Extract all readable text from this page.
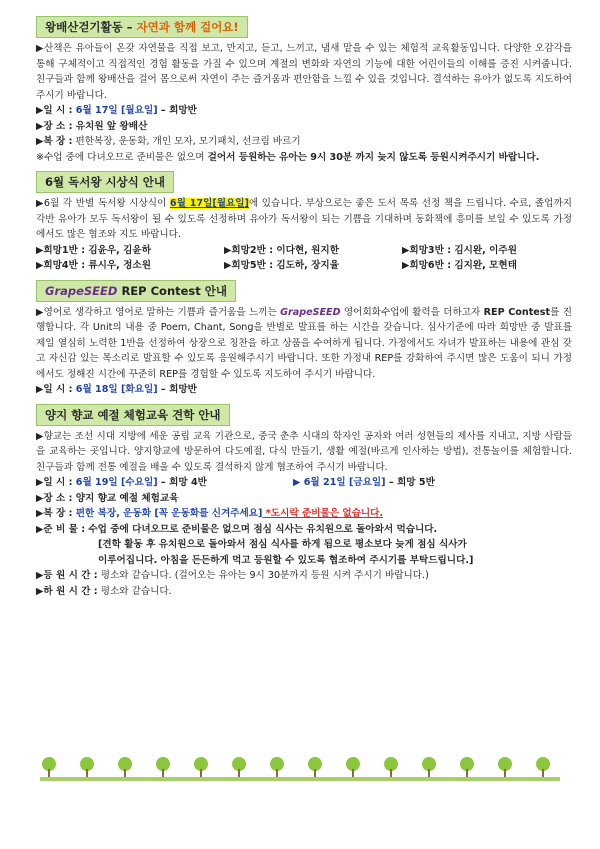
왕배산걷기활동 – 자연과 함께 걸어요!

▶산책은 유아들이 온갖 자연물을 직접 보고, 만지고, 듣고, 느끼고, 냄새 맡을 수 있는 체험적 교육활동입니다. 다양한 오감각을 통해 구체적이고 직접적인 경험 활동을 가질 수 있으며 계절의 변화와 자연의 기능에 대한 어린이들의 이해를 증진 시켜줍니다. 친구들과 함께 왕배산을 걸어 몸으로써 자연이 주는 즐거움과 편안함을 느낄 수 있을 것입니다. 결석하는 유아가 없도록 지도하여 주시기 바랍니다.

▶일 시 : 6월 17일 [월요일] – 희망반
▶장 소 : 유치원 앞 왕배산
▶복 장 : 편한복장, 운동화, 개인 모자, 모기패치, 선크림 바르기

※수업 중에 다녀오므로 준비물은 없으며 걸어서 등원하는 유아는 9시 30분 까지 늦지 않도록 등원시켜주시기 바랍니다.

6월 독서왕 시상식 안내

▶6월 각 반별 독서왕 시상식이 6월 17일[월요일]에 있습니다. 부상으로는 좋은 도서 목록 선정 책을 드립니다. 수료, 졸업까지 각반 유아가 모두 독서왕이 될 수 있도록 선정하며 유아가 독서왕이 되는 기쁨을 기대하며 동화책에 흥미를 보일 수 있도록 가정에서도 많은 협조와 지도 바랍니다.

▶희망1반 : 김윤우, 김윤하	▶희망2반 : 이다현, 원지한	▶희망3반 : 김시완, 이주원
▶희망4반 : 류시우, 정소원	▶희망5반 : 김도하, 장지율	▶희망6반 : 김지완, 모현태
GrapeSEED REP Contest 안내

▶영어로 생각하고 영어로 말하는 기쁨과 즐거움을 느끼는 GrapeSEED 영어회화수업에 활력을 더하고자 REP Contest를 진행합니다. 각 Unit의 내용 중 Poem, Chant, Song을 반별로 발표를 하는 시간을 갖습니다. 심사기준에 따라 희망반 중 발표를 제일 열심히 노력한 1반을 선정하여 상장으로 칭찬을 하고 상품을 수여하게 됩니다. 가정에서도 자녀가 발표하는 내용에 관심 갖고 자신감 있는 목소리로 발표할 수 있도록 응원해주시기 바랍니다. 또한 가정내 REP를 강화하여 주시면 많은 도움이 되니 가정에서도 정해진 시간에 꾸준히 REP를 경험할 수 있도록 지도하여 주시기 바랍니다.

▶일 시 : 6월 18일 [화요일] – 희망반
양지 향교 예절 체험교육 견학 안내

▶향교는 조선 시대 지방에 세운 공립 교육 기관으로, 중국 춘추 시대의 학자인 공자와 여러 성현들의 제사를 지내고, 지방 사람들을 교육하는 곳입니다. 양지향교에 방문하여 다도예절, 다식 만들기, 생활 예절(바르게 인사하는 방법), 전통놀이를 체험합니다. 친구들과 함께 전통 예절을 배울 수 있도록 결석하지 않게 협조하여 주시기 바랍니다.

▶일 시 : 6월 19일 [수요일] – 희망 4반	▶ 6월 21일 [금요일] – 희망 5반
▶장 소 : 양지 향교 예절 체험교육
▶복 장 : 편한 복장, 운동화 [꼭 운동화를 신겨주세요] *도시락 준비물은 없습니다.
▶준 비 물 : 수업 중에 다녀오므로 준비물은 없으며 점심 식사는 유치원으로 돌아와서 먹습니다.
[견학 활동 후 유치원으로 돌아와서 점심 식사를 하게 됨으로 평소보다 늦게 점심 식사가
이루어집니다. 아침을 든든하게 먹고 등원할 수 있도록 협조하여 주시기를 부탁드립니다.]
▶등 원 시 간 : 평소와 같습니다. (걸어오는 유아는 9시 30분까지 등원 시켜 주시기 바랍니다.)
▶하 원 시 간 : 평소와 같습니다.
